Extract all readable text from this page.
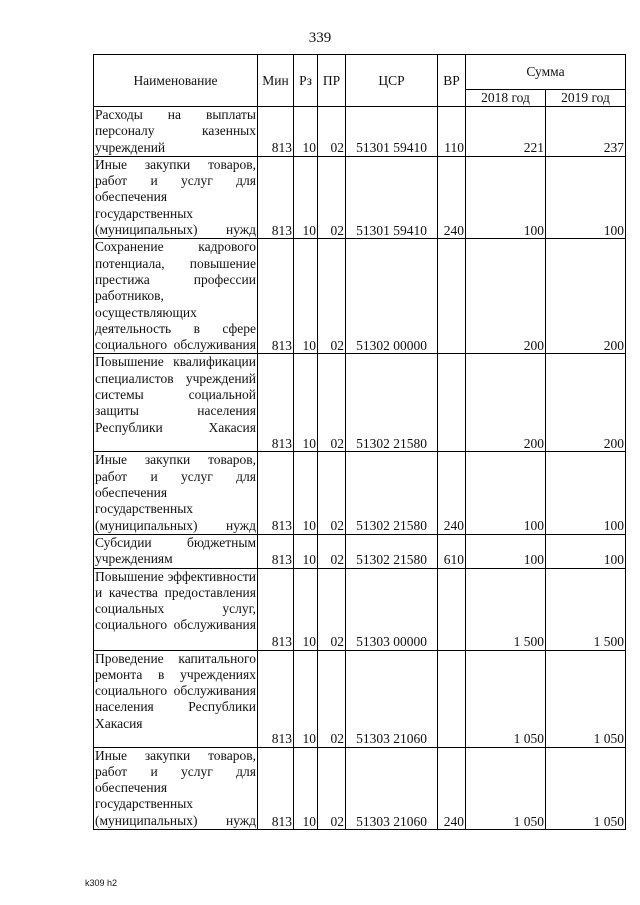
339
Наименование	Мин	Рз	ПР	ЦСР	ВР	Сумма	
						2018 год	2019 год
Расходы на выплаты персоналу казенных учреждений	813	10	02	51301 59410	110	221	237
Иные закупки товаров, работ и услуг для обеспечения государственных (муниципальных) нужд	813	10	02	51301 59410	240	100	100
Сохранение кадрового потенциала, повышение престижа профессии работников, осуществляющих деятельность в сфере социального обслуживания	813	10	02	51302 00000		200	200
Повышение квалификации специалистов учреждений системы социальной защиты населения Республики Хакасия	813	10	02	51302 21580		200	200
Иные закупки товаров, работ и услуг для обеспечения государственных (муниципальных) нужд	813	10	02	51302 21580	240	100	100
Субсидии бюджетным учреждениям	813	10	02	51302 21580	610	100	100
Повышение эффективности и качества предоставления социальных услуг, социального обслуживания	813	10	02	51303 00000		1 500	1 500
Проведение капитального ремонта в учреждениях социального обслуживания населения Республики Хакасия	813	10	02	51303 21060		1 050	1 050
Иные закупки товаров, работ и услуг для обеспечения государственных (муниципальных) нужд	813	10	02	51303 21060	240	1 050	1 050
k309 h2
